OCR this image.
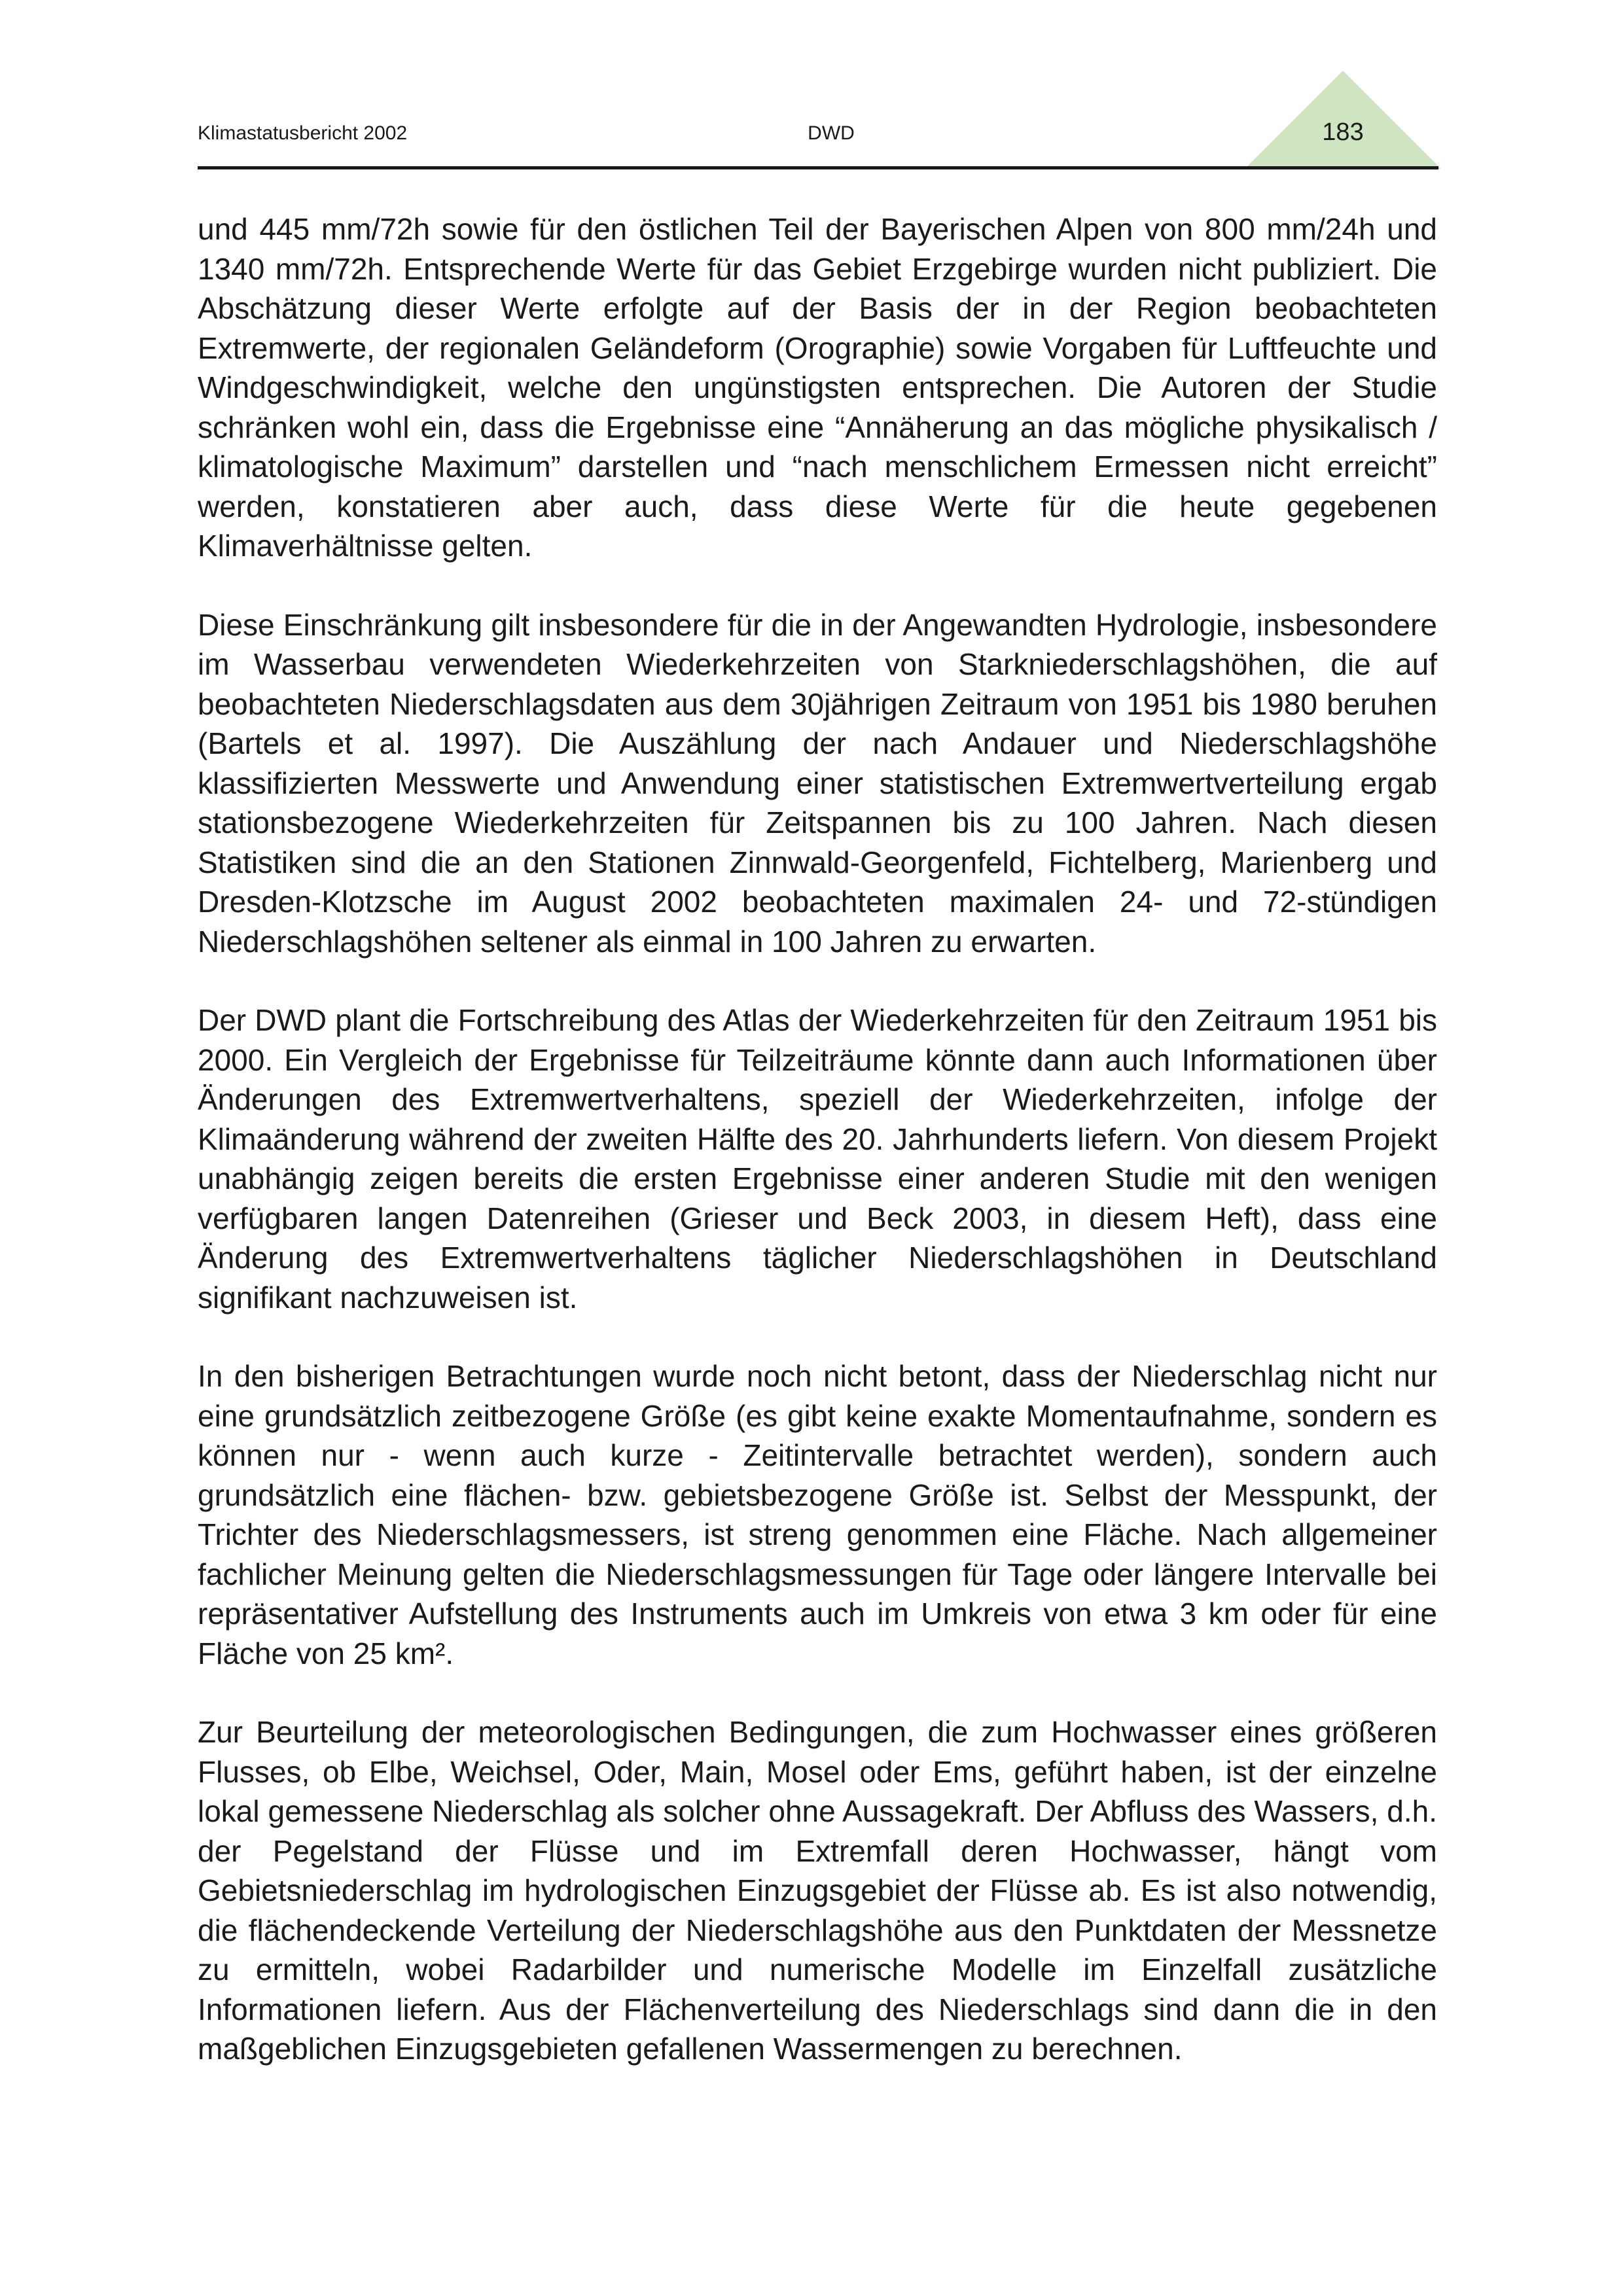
Klimastatusbericht 2002	DWD	183

und 445 mm/72h sowie für den östlichen Teil der Bayerischen Alpen von 800 mm/24h und 1340 mm/72h. Entsprechende Werte für das Gebiet Erzgebirge wurden nicht publiziert. Die Abschätzung dieser Werte erfolgte auf der Basis der in der Region beobachteten Extremwerte, der regionalen Geländeform (Orographie) sowie Vorgaben für Luftfeuchte und Windgeschwindigkeit, welche den ungünstigsten entsprechen. Die Autoren der Studie schränken wohl ein, dass die Ergebnisse eine “Annäherung an das mögliche physikalisch / klimatologische Maximum” darstellen und “nach menschlichem Ermessen nicht erreicht” werden, konstatieren aber auch, dass diese Werte für die heute gegebenen Klimaverhältnisse gelten.

Diese Einschränkung gilt insbesondere für die in der Angewandten Hydrologie, insbesondere im Wasserbau verwendeten Wiederkehrzeiten von Starkniederschlagshöhen, die auf beobachteten Niederschlagsdaten aus dem 30jährigen Zeitraum von 1951 bis 1980 beruhen (Bartels et al. 1997). Die Auszählung der nach Andauer und Niederschlagshöhe klassifizierten Messwerte und Anwendung einer statistischen Extremwertverteilung ergab stationsbezogene Wiederkehrzeiten für Zeitspannen bis zu 100 Jahren. Nach diesen Statistiken sind die an den Stationen Zinnwald-Georgenfeld, Fichtelberg, Marienberg und Dresden-Klotzsche im August 2002 beobachteten maximalen 24- und 72-stündigen Niederschlagshöhen seltener als einmal in 100 Jahren zu erwarten.

Der DWD plant die Fortschreibung des Atlas der Wiederkehrzeiten für den Zeitraum 1951 bis 2000. Ein Vergleich der Ergebnisse für Teilzeiträume könnte dann auch Informationen über Änderungen des Extremwertverhaltens, speziell der Wiederkehrzeiten, infolge der Klimaänderung während der zweiten Hälfte des 20. Jahrhunderts liefern. Von diesem Projekt unabhängig zeigen bereits die ersten Ergebnisse einer anderen Studie mit den wenigen verfügbaren langen Datenreihen (Grieser und Beck 2003, in diesem Heft), dass eine Änderung des Extremwertverhaltens täglicher Niederschlagshöhen in Deutschland signifikant nachzuweisen ist.

In den bisherigen Betrachtungen wurde noch nicht betont, dass der Niederschlag nicht nur eine grundsätzlich zeitbezogene Größe (es gibt keine exakte Momentaufnahme, sondern es können nur - wenn auch kurze - Zeitintervalle betrachtet werden), sondern auch grundsätzlich eine flächen- bzw. gebietsbezogene Größe ist. Selbst der Messpunkt, der Trichter des Niederschlagsmessers, ist streng genommen eine Fläche. Nach allgemeiner fachlicher Meinung gelten die Niederschlagsmessungen für Tage oder längere Intervalle bei repräsentativer Aufstellung des Instruments auch im Umkreis von etwa 3 km oder für eine Fläche von 25 km².

Zur Beurteilung der meteorologischen Bedingungen, die zum Hochwasser eines größeren Flusses, ob Elbe, Weichsel, Oder, Main, Mosel oder Ems, geführt haben, ist der einzelne lokal gemessene Niederschlag als solcher ohne Aussagekraft. Der Abfluss des Wassers, d.h. der Pegelstand der Flüsse und im Extremfall deren Hochwasser, hängt vom Gebietsniederschlag im hydrologischen Einzugsgebiet der Flüsse ab. Es ist also notwendig, die flächendeckende Verteilung der Niederschlagshöhe aus den Punktdaten der Messnetze zu ermitteln, wobei Radarbilder und numerische Modelle im Einzelfall zusätzliche Informationen liefern. Aus der Flächenverteilung des Niederschlags sind dann die in den maßgeblichen Einzugsgebieten gefallenen Wassermengen zu berechnen.
